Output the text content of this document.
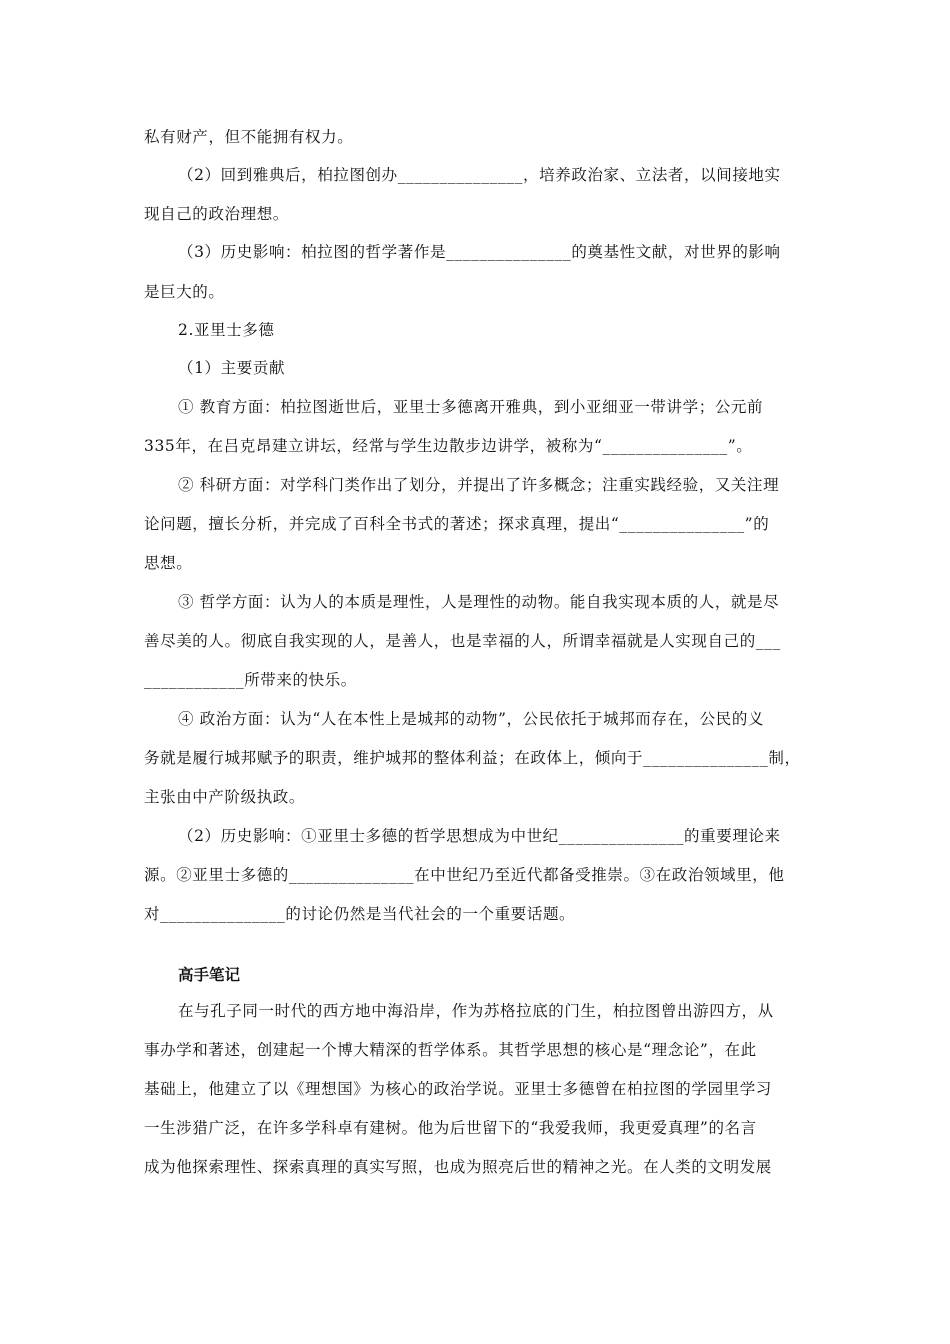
私有财产，但不能拥有权力。
（2）回到雅典后，柏拉图创办_______________，培养政治家、立法者，以间接地实
现自己的政治理想。
（3）历史影响：柏拉图的哲学著作是_______________的奠基性文献，对世界的影响
是巨大的。
2.亚里士多德
（1）主要贡献
① 教育方面：柏拉图逝世后，亚里士多德离开雅典，到小亚细亚一带讲学；公元前
335年，在吕克昂建立讲坛，经常与学生边散步边讲学，被称为“_______________”。
② 科研方面：对学科门类作出了划分，并提出了许多概念；注重实践经验，又关注理
论问题，擅长分析，并完成了百科全书式的著述；探求真理，提出“_______________”的
思想。
③ 哲学方面：认为人的本质是理性，人是理性的动物。能自我实现本质的人，就是尽
善尽美的人。彻底自我实现的人，是善人，也是幸福的人，所谓幸福就是人实现自己的___
____________所带来的快乐。
④ 政治方面：认为“人在本性上是城邦的动物”，公民依托于城邦而存在，公民的义
务就是履行城邦赋予的职责，维护城邦的整体利益；在政体上，倾向于_______________制，
主张由中产阶级执政。
（2）历史影响：①亚里士多德的哲学思想成为中世纪_______________的重要理论来
源。②亚里士多德的_______________在中世纪乃至近代都备受推崇。③在政治领域里，他
对_______________的讨论仍然是当代社会的一个重要话题。
高手笔记
在与孔子同一时代的西方地中海沿岸，作为苏格拉底的门生，柏拉图曾出游四方，从
事办学和著述，创建起一个博大精深的哲学体系。其哲学思想的核心是“理念论”，在此
基础上，他建立了以《理想国》为核心的政治学说。亚里士多德曾在柏拉图的学园里学习
一生涉猎广泛，在许多学科卓有建树。他为后世留下的“我爱我师，我更爱真理”的名言
成为他探索理性、探索真理的真实写照，也成为照亮后世的精神之光。在人类的文明发展
